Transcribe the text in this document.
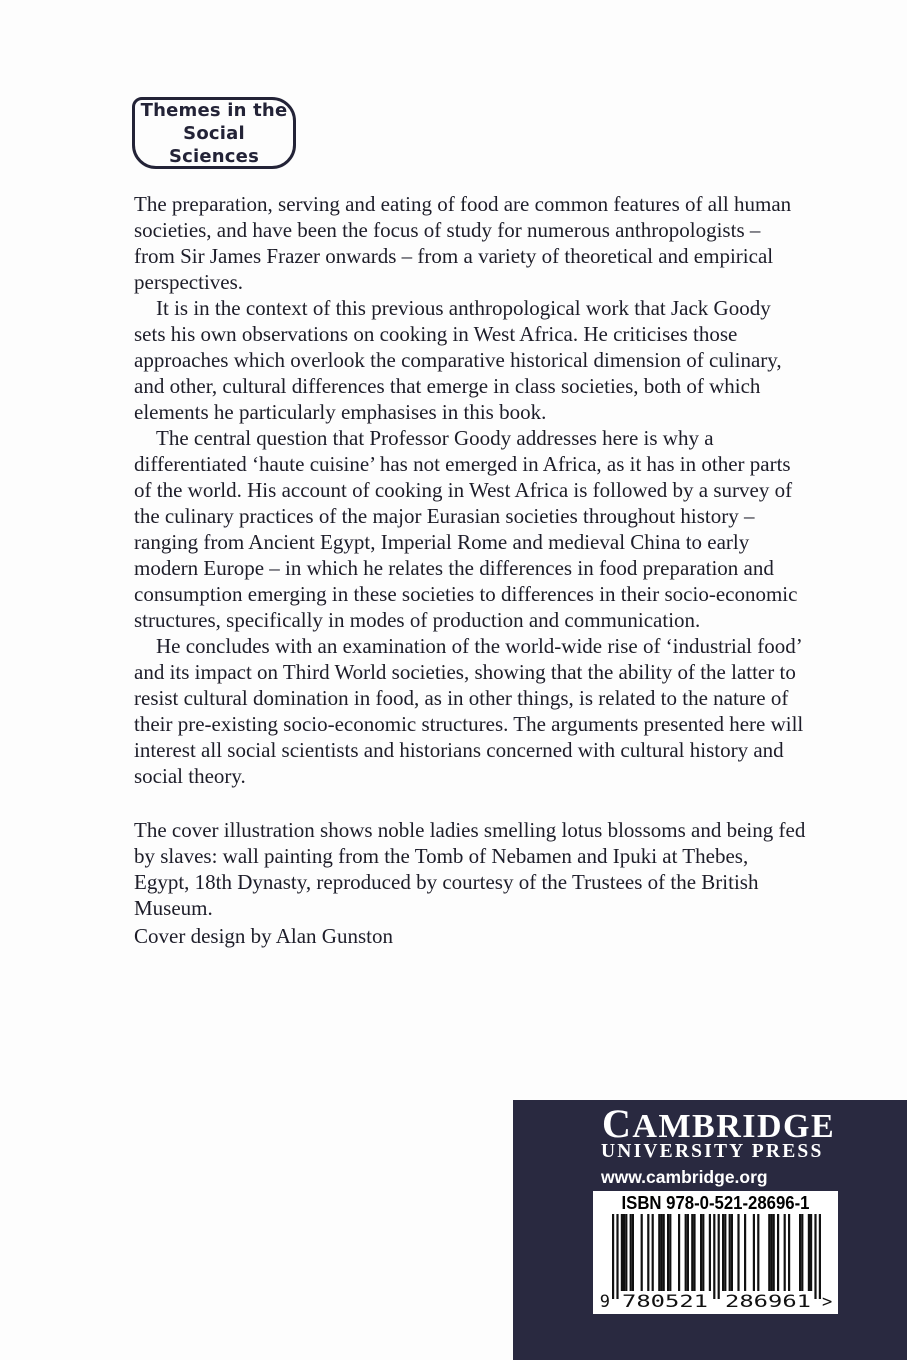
Themes in the
Social Sciences

The preparation, serving and eating of food are common features of all human societies, and have been the focus of study for numerous anthropologists – from Sir James Frazer onwards – from a variety of theoretical and empirical perspectives.

It is in the context of this previous anthropological work that Jack Goody sets his own observations on cooking in West Africa. He criticises those approaches which overlook the comparative historical dimension of culinary, and other, cultural differences that emerge in class societies, both of which elements he particularly emphasises in this book.

The central question that Professor Goody addresses here is why a differentiated ‘haute cuisine’ has not emerged in Africa, as it has in other parts of the world. His account of cooking in West Africa is followed by a survey of the culinary practices of the major Eurasian societies throughout history – ranging from Ancient Egypt, Imperial Rome and medieval China to early modern Europe – in which he relates the differences in food preparation and consumption emerging in these societies to differences in their socio-economic structures, specifically in modes of production and communication.

He concludes with an examination of the world-wide rise of ‘industrial food’ and its impact on Third World societies, showing that the ability of the latter to resist cultural domination in food, as in other things, is related to the nature of their pre-existing socio-economic structures. The arguments presented here will interest all social scientists and historians concerned with cultural history and social theory.

The cover illustration shows noble ladies smelling lotus blossoms and being fed by slaves: wall painting from the Tomb of Nebamen and Ipuki at Thebes, Egypt, 18th Dynasty, reproduced by courtesy of the Trustees of the British Museum.
Cover design by Alan Gunston
CAMBRIDGE
UNIVERSITY PRESS
www.cambridge.org
ISBN 978-0-521-28696-1
9 780521 286961 >
